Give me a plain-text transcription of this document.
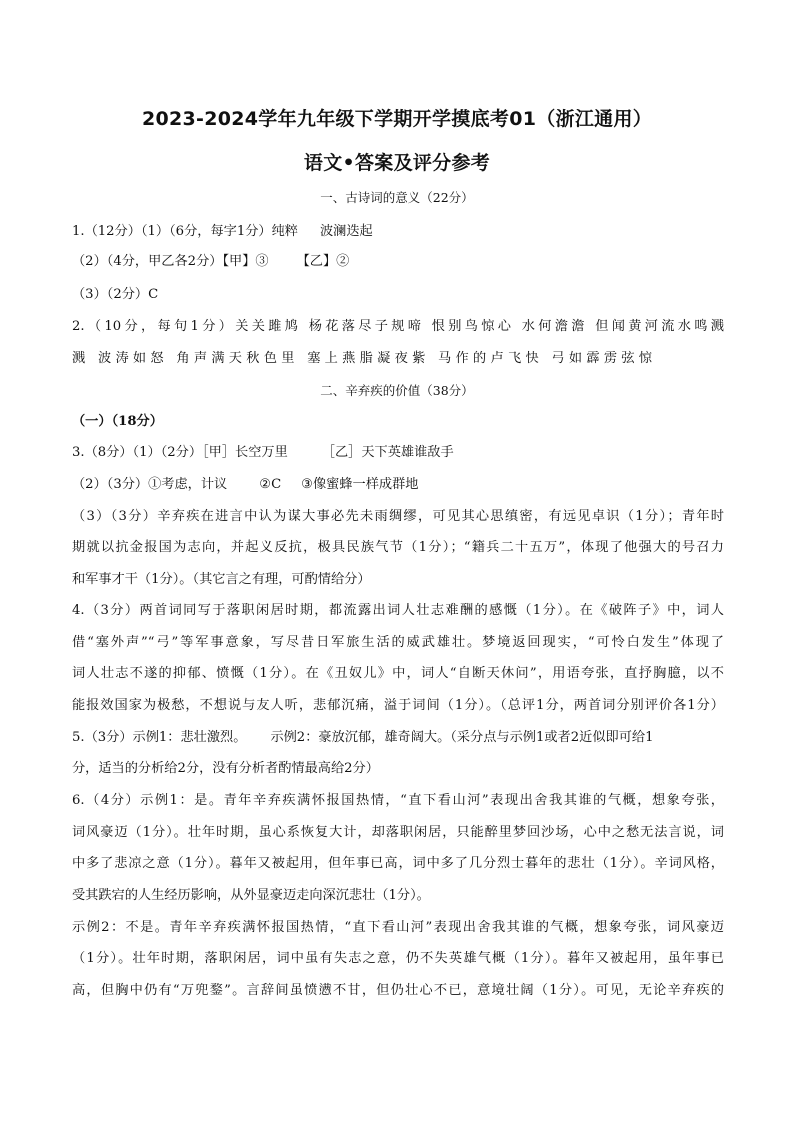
2023-2024学年九年级下学期开学摸底考01（浙江通用）
语文•答案及评分参考
一、古诗词的意义（22分）
1.（12分）（1）（6分，每字1分）纯粹 波澜迭起
（2）（4分，甲乙各2分）【甲】③ 【乙】②
（3）（2分）C
2.（10分，每句1分）关关雎鸠 杨花落尽子规啼 恨别鸟惊心 水何澹澹 但闻黄河流水鸣溅
溅 波涛如怒 角声满天秋色里 塞上燕脂凝夜紫 马作的卢飞快 弓如霹雳弦惊
二、辛弃疾的价值（38分）
（一）（18分）
3.（8分）（1）（2分）［甲］长空万里	［乙］天下英雄谁敌手
（2）（3分）①考虑，计议 ②C ③像蜜蜂一样成群地
（3）（3分）辛弃疾在进言中认为谋大事必先未雨绸缪，可见其心思缜密，有远见卓识（1分）；青年时
期就以抗金报国为志向，并起义反抗，极具民族气节（1分）；“籍兵二十五万”，体现了他强大的号召力
和军事才干（1分）。（其它言之有理，可酌情给分）
4.（3分）两首词同写于落职闲居时期，都流露出词人壮志难酬的感慨（1分）。在《破阵子》中，词人
借“塞外声”“弓”等军事意象，写尽昔日军旅生活的威武雄壮。梦境返回现实，“可怜白发生”体现了
词人壮志不遂的抑郁、愤慨（1分）。在《丑奴儿》中，词人“自断天休问”，用语夸张，直抒胸臆，以不
能报效国家为极愁，不想说与友人听，悲郁沉痛，溢于词间（1分）。（总评1分，两首词分别评价各1分）
5.（3分）示例1：悲壮激烈。 示例2：豪放沉郁，雄奇阔大。（采分点与示例1或者2近似即可给1
分，适当的分析给2分，没有分析者酌情最高给2分）
6.（4分）示例1：是。青年辛弃疾满怀报国热情，“直下看山河”表现出舍我其谁的气概，想象夸张，
词风豪迈（1分）。壮年时期，虽心系恢复大计，却落职闲居，只能醉里梦回沙场，心中之愁无法言说，词
中多了悲凉之意（1分）。暮年又被起用，但年事已高，词中多了几分烈士暮年的悲壮（1分）。辛词风格，
受其跌宕的人生经历影响，从外显豪迈走向深沉悲壮（1分）。
示例2：不是。青年辛弃疾满怀报国热情，“直下看山河”表现出舍我其谁的气概，想象夸张，词风豪迈
（1分）。壮年时期，落职闲居，词中虽有失志之意，仍不失英雄气概（1分）。暮年又被起用，虽年事已
高，但胸中仍有“万兜鍪”。言辞间虽愤懑不甘，但仍壮心不已，意境壮阔（1分）。可见，无论辛弃疾的
